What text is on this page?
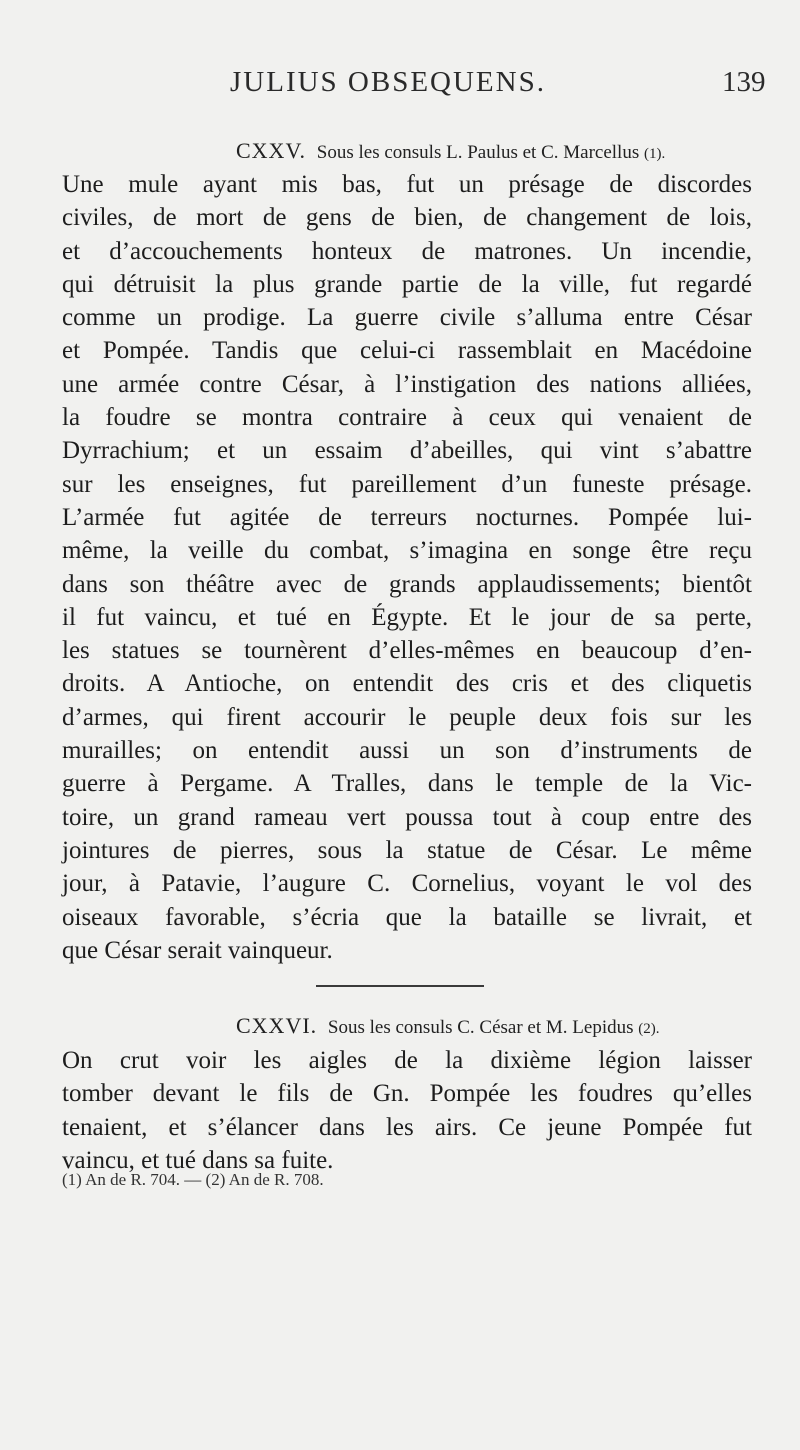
JULIUS OBSEQUENS.	139
CXXV. Sous les consuls L. Paulus et C. Marcellus (1).
Une mule ayant mis bas, fut un présage de discordes
civiles, de mort de gens de bien, de changement de lois,
et d’accouchements honteux de matrones. Un incendie,
qui détruisit la plus grande partie de la ville, fut regardé
comme un prodige. La guerre civile s’alluma entre César
et Pompée. Tandis que celui-ci rassemblait en Macédoine
une armée contre César, à l’instigation des nations alliées,
la foudre se montra contraire à ceux qui venaient de
Dyrrachium; et un essaim d’abeilles, qui vint s’abattre
sur les enseignes, fut pareillement d’un funeste présage.
L’armée fut agitée de terreurs nocturnes. Pompée lui-
même, la veille du combat, s’imagina en songe être reçu
dans son théâtre avec de grands applaudissements; bientôt
il fut vaincu, et tué en Égypte. Et le jour de sa perte,
les statues se tournèrent d’elles-mêmes en beaucoup d’en-
droits. A Antioche, on entendit des cris et des cliquetis
d’armes, qui firent accourir le peuple deux fois sur les
murailles; on entendit aussi un son d’instruments de
guerre à Pergame. A Tralles, dans le temple de la Vic-
toire, un grand rameau vert poussa tout à coup entre des
jointures de pierres, sous la statue de César. Le même
jour, à Patavie, l’augure C. Cornelius, voyant le vol des
oiseaux favorable, s’écria que la bataille se livrait, et
que César serait vainqueur.
CXXVI. Sous les consuls C. César et M. Lepidus (2).
On crut voir les aigles de la dixième légion laisser
tomber devant le fils de Gn. Pompée les foudres qu’elles
tenaient, et s’élancer dans les airs. Ce jeune Pompée fut
vaincu, et tué dans sa fuite.
(1) An de R. 704. — (2) An de R. 708.
